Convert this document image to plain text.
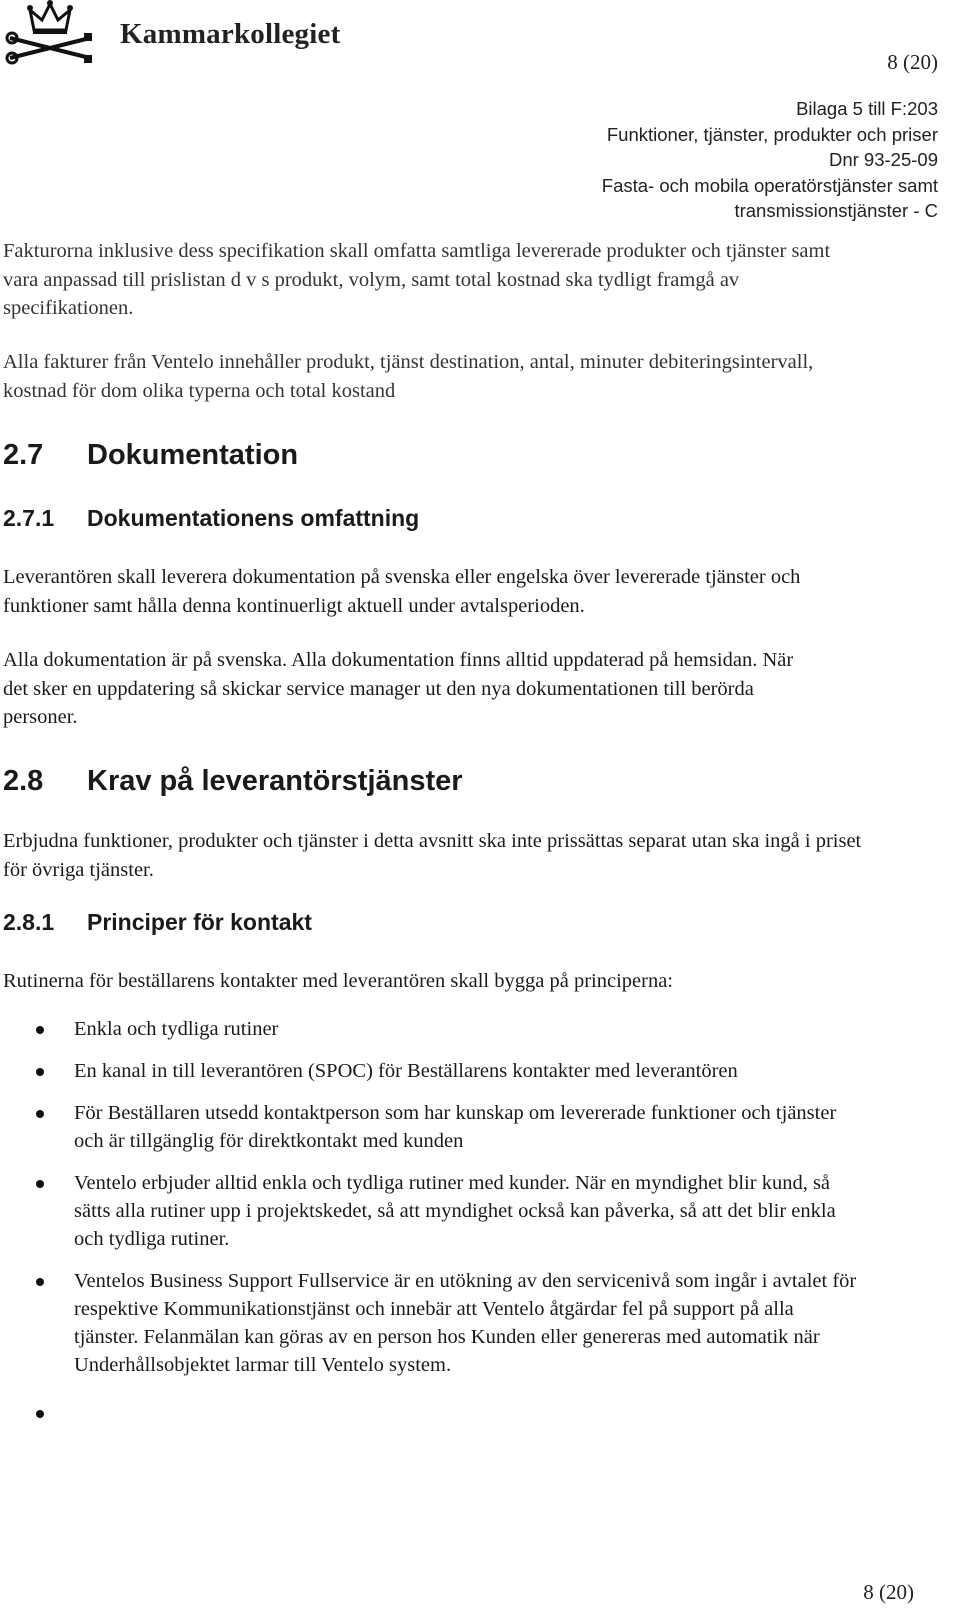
Kammarkollegiet
8 (20)
Bilaga 5 till F:203
Funktioner, tjänster, produkter och priser
Dnr 93-25-09
Fasta- och mobila operatörstjänster samt
transmissionstjänster - C

Fakturorna inklusive dess specifikation skall omfatta samtliga levererade produkter och tjänster samt vara anpassad till prislistan d v s produkt, volym, samt total kostnad ska tydligt framgå av specifikationen.

Alla fakturer från Ventelo innehåller produkt, tjänst destination, antal, minuter debiteringsintervall, kostnad för dom olika typerna och total kostand

2.7 Dokumentation
2.7.1 Dokumentationens omfattning

Leverantören skall leverera dokumentation på svenska eller engelska över levererade tjänster och funktioner samt hålla denna kontinuerligt aktuell under avtalsperioden.

Alla dokumentation är på svenska. Alla dokumentation finns alltid uppdaterad på hemsidan. När det sker en uppdatering så skickar service manager ut den nya dokumentationen till berörda personer.

2.8 Krav på leverantörstjänster

Erbjudna funktioner, produkter och tjänster i detta avsnitt ska inte prissättas separat utan ska ingå i priset för övriga tjänster.

2.8.1 Principer för kontakt

Rutinerna för beställarens kontakter med leverantören skall bygga på principerna:

Enkla och tydliga rutiner
En kanal in till leverantören (SPOC) för Beställarens kontakter med leverantören
För Beställaren utsedd kontaktperson som har kunskap om levererade funktioner och tjänster och är tillgänglig för direktkontakt med kunden
Ventelo erbjuder alltid enkla och tydliga rutiner med kunder. När en myndighet blir kund, så sätts alla rutiner upp i projektskedet, så att myndighet också kan påverka, så att det blir enkla och tydliga rutiner.
Ventelos Business Support Fullservice är en utökning av den servicenivå som ingår i avtalet för respektive Kommunikationstjänst och innebär att Ventelo åtgärdar fel på support på alla tjänster. Felanmälan kan göras av en person hos Kunden eller genereras med automatik när Underhållsobjektet larmar till Ventelo system.
8 (20)
